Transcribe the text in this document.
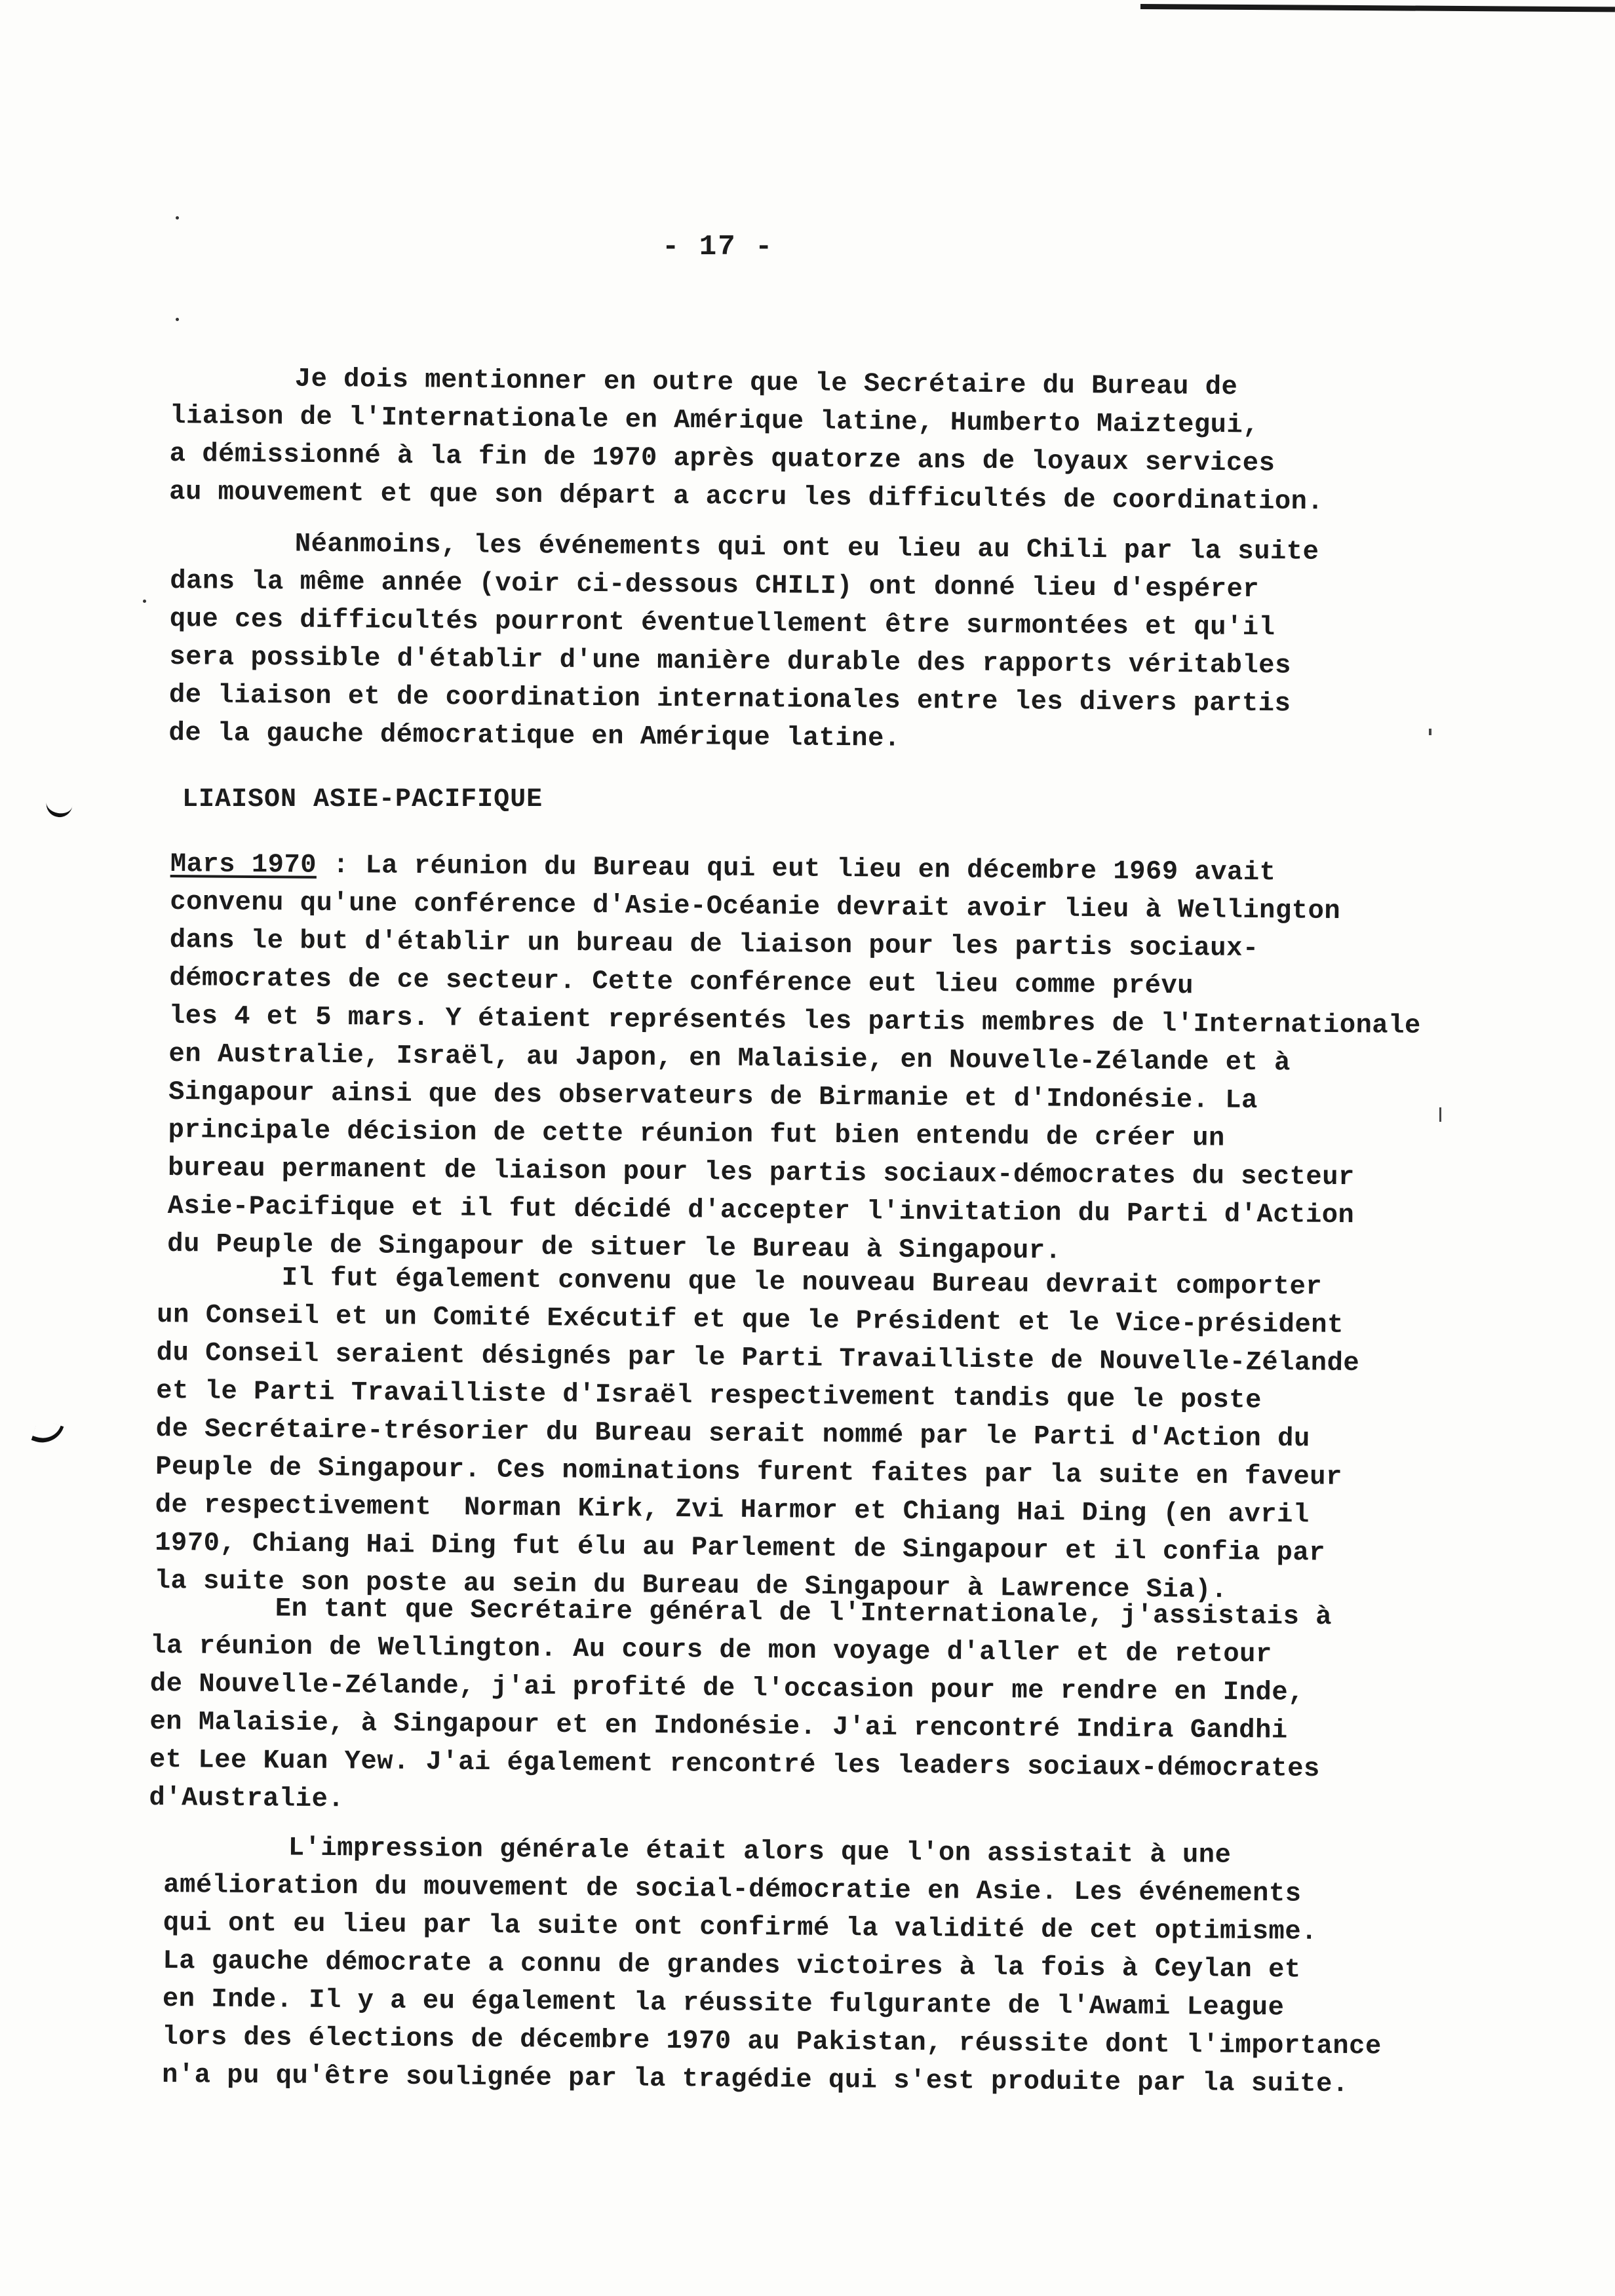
- 17 -
Je dois mentionner en outre que le Secrétaire du Bureau de
liaison de l'Internationale en Amérique latine, Humberto Maiztegui,
a démissionné à la fin de 1970 après quatorze ans de loyaux services
au mouvement et que son départ a accru les difficultés de coordination.
Néanmoins, les événements qui ont eu lieu au Chili par la suite
dans la même année (voir ci-dessous CHILI) ont donné lieu d'espérer
que ces difficultés pourront éventuellement être surmontées et qu'il
sera possible d'établir d'une manière durable des rapports véritables
de liaison et de coordination internationales entre les divers partis
de la gauche démocratique en Amérique latine.
LIAISON ASIE-PACIFIQUE
Mars 1970 : La réunion du Bureau qui eut lieu en décembre 1969 avait
convenu qu'une conférence d'Asie-Océanie devrait avoir lieu à Wellington
dans le but d'établir un bureau de liaison pour les partis sociaux-
démocrates de ce secteur. Cette conférence eut lieu comme prévu
les 4 et 5 mars. Y étaient représentés les partis membres de l'Internationale
en Australie, Israël, au Japon, en Malaisie, en Nouvelle-Zélande et à
Singapour ainsi que des observateurs de Birmanie et d'Indonésie. La
principale décision de cette réunion fut bien entendu de créer un
bureau permanent de liaison pour les partis sociaux-démocrates du secteur
Asie-Pacifique et il fut décidé d'accepter l'invitation du Parti d'Action
du Peuple de Singapour de situer le Bureau à Singapour.
Il fut également convenu que le nouveau Bureau devrait comporter
un Conseil et un Comité Exécutif et que le Président et le Vice-président
du Conseil seraient désignés par le Parti Travailliste de Nouvelle-Zélande
et le Parti Travailliste d'Israël respectivement tandis que le poste
de Secrétaire-trésorier du Bureau serait nommé par le Parti d'Action du
Peuple de Singapour. Ces nominations furent faites par la suite en faveur
de respectivement  Norman Kirk, Zvi Harmor et Chiang Hai Ding (en avril
1970, Chiang Hai Ding fut élu au Parlement de Singapour et il confia par
la suite son poste au sein du Bureau de Singapour à Lawrence Sia).
En tant que Secrétaire général de l'Internationale, j'assistais à
la réunion de Wellington. Au cours de mon voyage d'aller et de retour
de Nouvelle-Zélande, j'ai profité de l'occasion pour me rendre en Inde,
en Malaisie, à Singapour et en Indonésie. J'ai rencontré Indira Gandhi
et Lee Kuan Yew. J'ai également rencontré les leaders sociaux-démocrates
d'Australie.
L'impression générale était alors que l'on assistait à une
amélioration du mouvement de social-démocratie en Asie. Les événements
qui ont eu lieu par la suite ont confirmé la validité de cet optimisme.
La gauche démocrate a connu de grandes victoires à la fois à Ceylan et
en Inde. Il y a eu également la réussite fulgurante de l'Awami League
lors des élections de décembre 1970 au Pakistan, réussite dont l'importance
n'a pu qu'être soulignée par la tragédie qui s'est produite par la suite.
